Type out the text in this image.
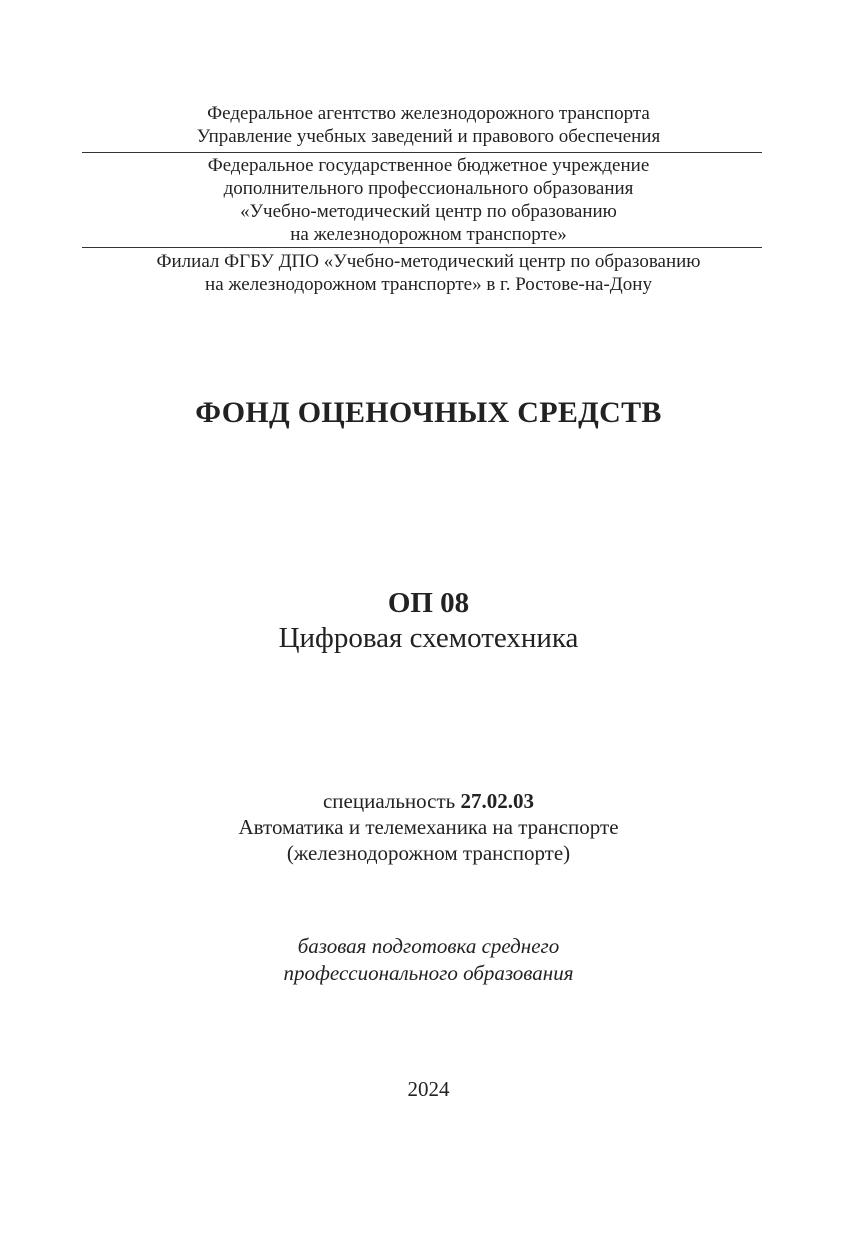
Федеральное агентство железнодорожного транспорта
Управление учебных заведений и правового обеспечения
Федеральное государственное бюджетное учреждение
дополнительного профессионального образования
«Учебно-методический центр по образованию
на железнодорожном транспорте»
Филиал ФГБУ ДПО «Учебно-методический центр по образованию
на железнодорожном транспорте» в г. Ростове-на-Дону
ФОНД ОЦЕНОЧНЫХ СРЕДСТВ
ОП 08
Цифровая схемотехника
специальность 27.02.03
Автоматика и телемеханика на транспорте
(железнодорожном транспорте)
базовая подготовка среднего
профессионального образования
2024
